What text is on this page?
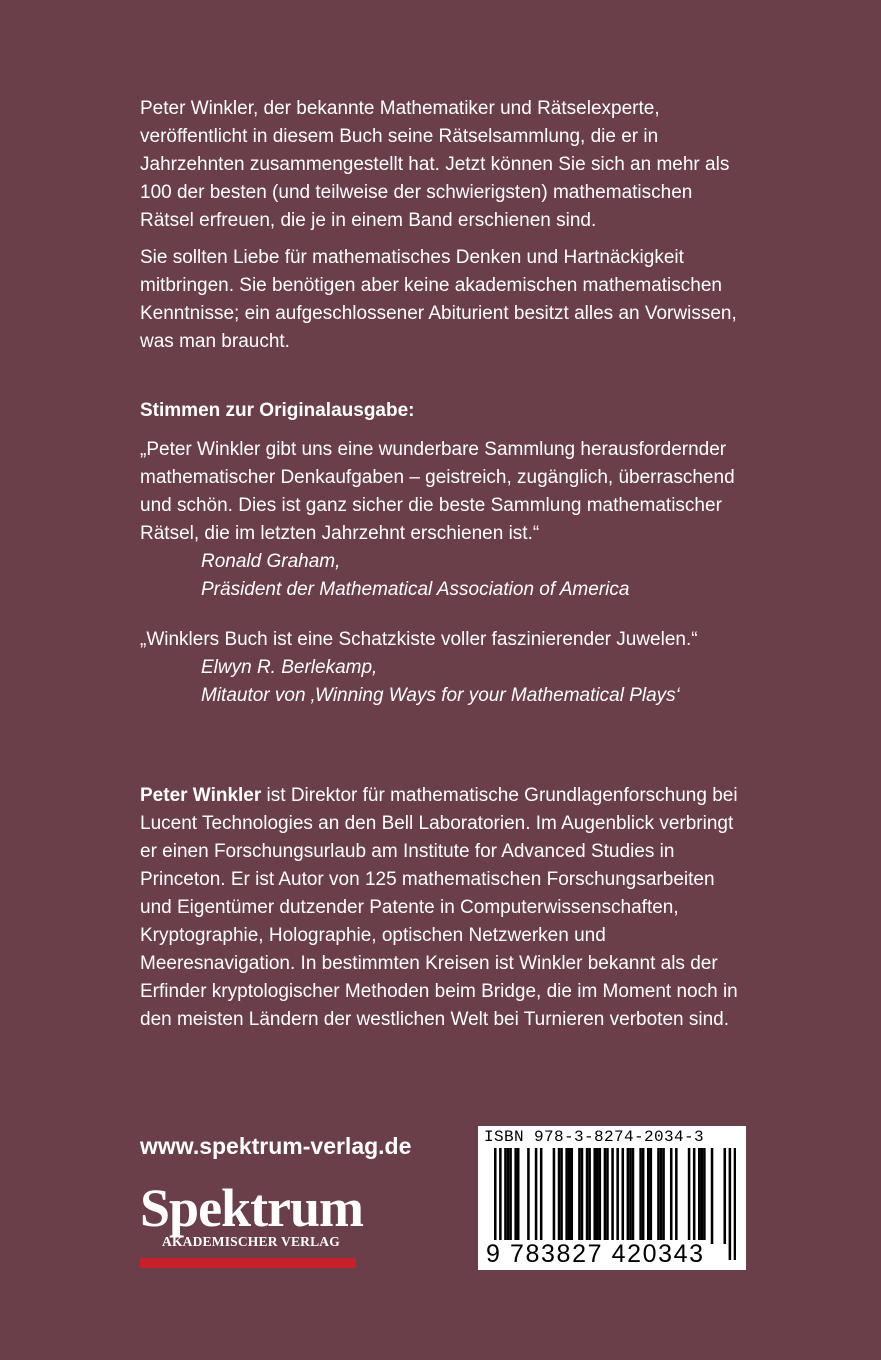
Peter Winkler, der bekannte Mathematiker und Rätselexperte, veröffentlicht in diesem Buch seine Rätselsammlung, die er in Jahrzehnten zusammengestellt hat. Jetzt können Sie sich an mehr als 100 der besten (und teilweise der schwierigsten) mathematischen Rätsel erfreuen, die je in einem Band erschienen sind.

Sie sollten Liebe für mathematisches Denken und Hartnäckigkeit mitbringen. Sie benötigen aber keine akademischen mathematischen Kenntnisse; ein aufgeschlossener Abiturient besitzt alles an Vorwissen, was man braucht.

Stimmen zur Originalausgabe:
„Peter Winkler gibt uns eine wunderbare Sammlung herausfordernder mathematischer Denkaufgaben – geistreich, zugänglich, überraschend und schön. Dies ist ganz sicher die beste Sammlung mathematischer Rätsel, die im letzten Jahrzehnt erschienen ist.“
Ronald Graham,
Präsident der Mathematical Association of America
„Winklers Buch ist eine Schatzkiste voller faszinierender Juwelen.“
Elwyn R. Berlekamp,
Mitautor von ‚Winning Ways for your Mathematical Plays‘

Peter Winkler ist Direktor für mathematische Grundlagenforschung bei Lucent Technologies an den Bell Laboratorien. Im Augenblick verbringt er einen Forschungsurlaub am Institute for Advanced Studies in Princeton. Er ist Autor von 125 mathematischen Forschungsarbeiten und Eigentümer dutzender Patente in Computerwissenschaften, Kryptographie, Holographie, optischen Netzwerken und Meeresnavigation. In bestimmten Kreisen ist Winkler bekannt als der Erfinder kryptologischer Methoden beim Bridge, die im Moment noch in den meisten Ländern der westlichen Welt bei Turnieren verboten sind.

www.spektrum-verlag.de
Spektrum
AKADEMISCHER VERLAG
ISBN 978-3-8274-2034-3
9 783827 420343
